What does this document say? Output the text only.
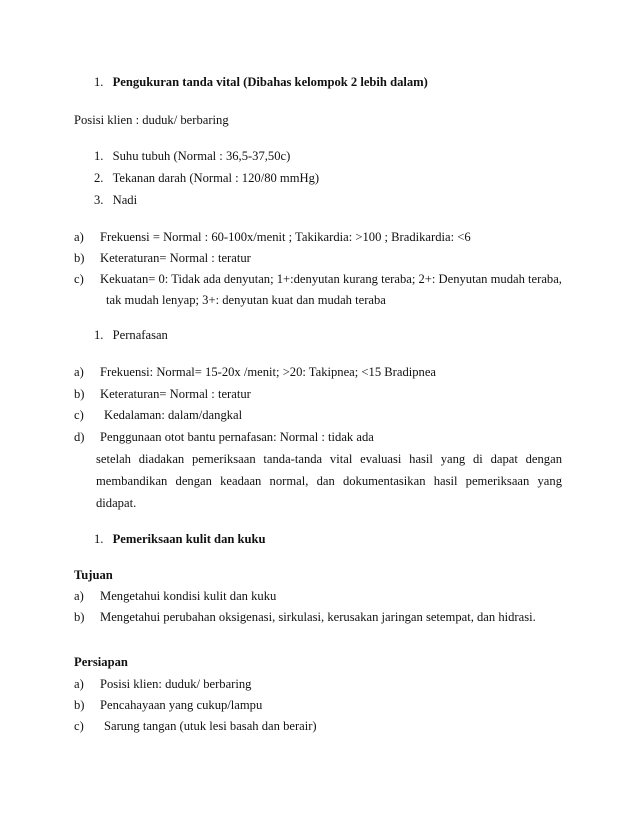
1. Pengukuran tanda vital (Dibahas kelompok 2 lebih dalam)
Posisi klien : duduk/ berbaring
1. Suhu tubuh (Normal : 36,5-37,50c)
2. Tekanan darah (Normal : 120/80 mmHg)
3. Nadi
a) Frekuensi = Normal : 60-100x/menit ; Takikardia: >100 ; Bradikardia: <6
b) Keteraturan= Normal : teratur
c) Kekuatan= 0: Tidak ada denyutan; 1+:denyutan kurang teraba; 2+: Denyutan mudah teraba,
tak mudah lenyap; 3+: denyutan kuat dan mudah teraba
1. Pernafasan
a) Frekuensi: Normal= 15-20x /menit; >20: Takipnea; <15 Bradipnea
b) Keteraturan= Normal : teratur
c) Kedalaman: dalam/dangkal
d) Penggunaan otot bantu pernafasan: Normal : tidak ada
setelah diadakan pemeriksaan tanda-tanda vital evaluasi hasil yang di dapat dengan
membandikan dengan keadaan normal, dan dokumentasikan hasil pemeriksaan yang
didapat.
1. Pemeriksaan kulit dan kuku
Tujuan
a) Mengetahui kondisi kulit dan kuku
b) Mengetahui perubahan oksigenasi, sirkulasi, kerusakan jaringan setempat, dan hidrasi.
Persiapan
a) Posisi klien: duduk/ berbaring
b) Pencahayaan yang cukup/lampu
c) Sarung tangan (utuk lesi basah dan berair)
